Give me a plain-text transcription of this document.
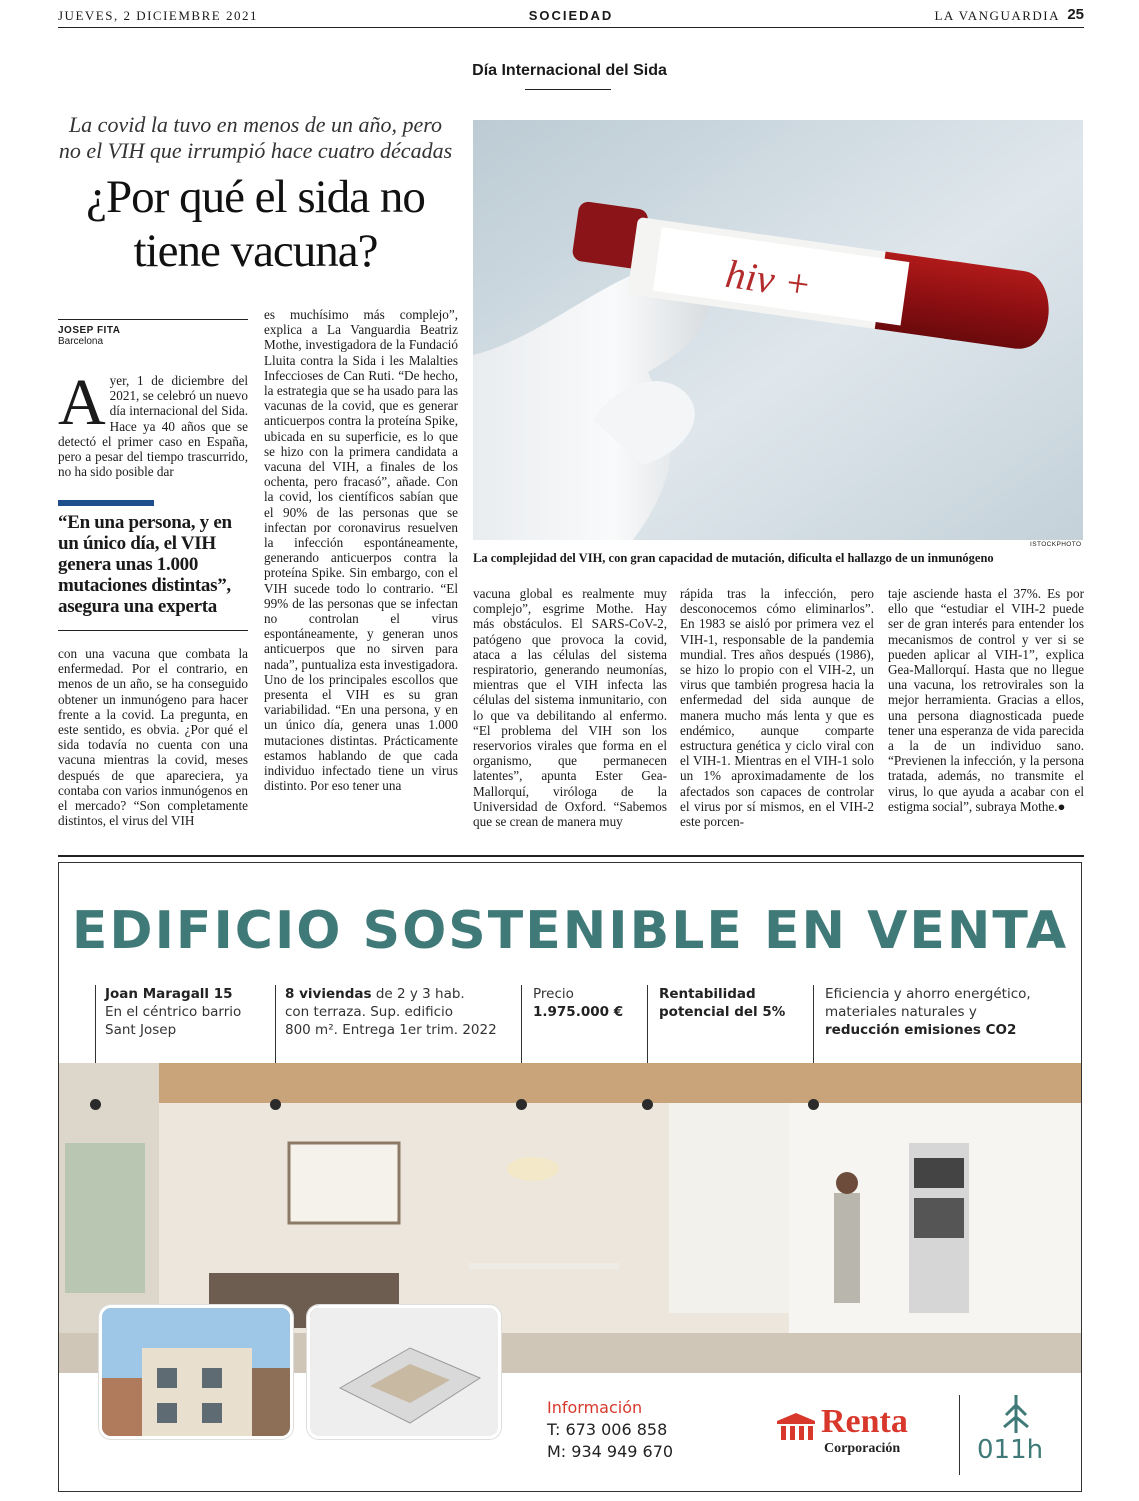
JUEVES, 2 DICIEMBRE 2021	SOCIEDAD	LA VANGUARDIA 25
Día Internacional del Sida
La covid la tuvo en menos de un año, pero no el VIH que irrumpió hace cuatro décadas
¿Por qué el sida no tiene vacuna?
JOSEP FITA
Barcelona
Ayer, 1 de diciembre del 2021, se celebró un nuevo día internacional del Sida. Hace ya 40 años que se detectó el primer caso en España, pero a pesar del tiempo trascurrido, no ha sido posible dar
“En una persona, y en un único día, el VIH genera unas 1.000 mutaciones distintas”, asegura una experta
con una vacuna que combata la enfermedad. Por el contrario, en menos de un año, se ha conseguido obtener un inmunógeno para hacer frente a la covid. La pregunta, en este sentido, es obvia. ¿Por qué el sida todavía no cuenta con una vacuna mientras la covid, meses después de que apareciera, ya contaba con varios inmunógenos en el mercado? “Son completamente distintos, el virus del VIH
es muchísimo más complejo”, explica a La Vanguardia Beatriz Mothe, investigadora de la Fundació Lluita contra la Sida i les Malalties Infeccioses de Can Ruti. “De hecho, la estrategia que se ha usado para las vacunas de la covid, que es generar anticuerpos contra la proteína Spike, ubicada en su superficie, es lo que se hizo con la primera candidata a vacuna del VIH, a finales de los ochenta, pero fracasó”, añade. Con la covid, los científicos sabían que el 90% de las personas que se infectan por coronavirus resuelven la infección espontáneamente, generando anticuerpos contra la proteína Spike. Sin embargo, con el VIH sucede todo lo contrario. “El 99% de las personas que se infectan no controlan el virus espontáneamente, y generan unos anticuerpos que no sirven para nada”, puntualiza esta investigadora. Uno de los principales escollos que presenta el VIH es su gran variabilidad. “En una persona, y en un único día, genera unas 1.000 mutaciones distintas. Prácticamente estamos hablando de que cada individuo infectado tiene un virus distinto. Por eso tener una
vacuna global es realmente muy complejo”, esgrime Mothe. Hay más obstáculos. El SARS-CoV-2, patógeno que provoca la covid, ataca a las células del sistema respiratorio, generando neumonías, mientras que el VIH infecta las células del sistema inmunitario, con lo que va debilitando al enfermo. “El problema del VIH son los reservorios virales que forma en el organismo, que permanecen latentes”, apunta Ester Gea-Mallorquí, viróloga de la Universidad de Oxford. “Sabemos que se crean de manera muy
rápida tras la infección, pero desconocemos cómo eliminarlos”. En 1983 se aisló por primera vez el VIH-1, responsable de la pandemia mundial. Tres años después (1986), se hizo lo propio con el VIH-2, un virus que también progresa hacia la enfermedad del sida aunque de manera mucho más lenta y que es endémico, aunque comparte estructura genética y ciclo viral con el VIH-1. Mientras en el VIH-1 solo un 1% aproximadamente de los afectados son capaces de controlar el virus por sí mismos, en el VIH-2 este porcen-
taje asciende hasta el 37%. Es por ello que “estudiar el VIH-2 puede ser de gran interés para entender los mecanismos de control y ver si se pueden aplicar al VIH-1”, explica Gea-Mallorquí. Hasta que no llegue una vacuna, los retrovirales son la mejor herramienta. Gracias a ellos, una persona diagnosticada puede tener una esperanza de vida parecida a la de un individuo sano. “Previenen la infección, y la persona tratada, además, no transmite el virus, lo que ayuda a acabar con el estigma social”, subraya Mothe.●
hiv +
ISTOCKPHOTO
La complejidad del VIH, con gran capacidad de mutación, dificulta el hallazgo de un inmunógeno
EDIFICIO SOSTENIBLE EN VENTA
Joan Maragall 15
En el céntrico barrio
Sant Josep
8 viviendas de 2 y 3 hab.
con terraza. Sup. edificio
800 m². Entrega 1er trim. 2022
Precio
1.975.000 €
Rentabilidad
potencial del 5%
Eficiencia y ahorro energético,
materiales naturales y
reducción emisiones CO2
Información
T: 673 006 858
M: 934 949 670
Renta
Corporación	011h
